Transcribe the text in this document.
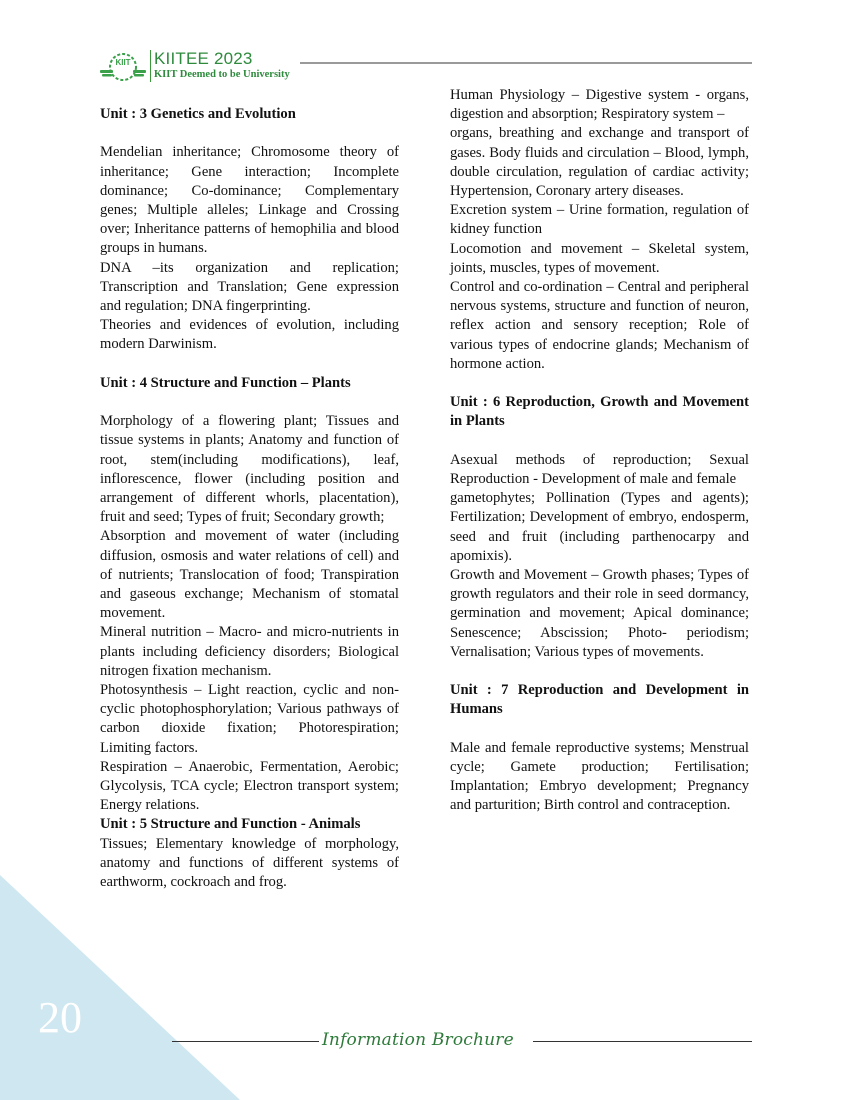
KIIT KIITEE 2023
KIIT Deemed to be University

Unit : 3 Genetics and Evolution

Mendelian inheritance; Chromosome theory of inheritance; Gene interaction; Incomplete dominance; Co-dominance; Complementary genes; Multiple alleles; Linkage and Crossing over; Inheritance patterns of hemophilia and blood groups in humans.

DNA –its organization and replication; Transcription and Translation; Gene expression and regulation; DNA fingerprinting.

Theories and evidences of evolution, including modern Darwinism.

Unit : 4 Structure and Function – Plants

Morphology of a flowering plant; Tissues and tissue systems in plants; Anatomy and function of root, stem(including modifications), leaf, inflorescence, flower (including position and arrangement of different whorls, placentation), fruit and seed; Types of fruit; Secondary growth;

Absorption and movement of water (including diffusion, osmosis and water relations of cell) and of nutrients; Translocation of food; Transpiration and gaseous exchange; Mechanism of stomatal movement.

Mineral nutrition – Macro- and micro-nutrients in plants including deficiency disorders; Biological nitrogen fixation mechanism.

Photosynthesis – Light reaction, cyclic and non-cyclic photophosphorylation; Various pathways of carbon dioxide fixation; Photorespiration; Limiting factors.

Respiration – Anaerobic, Fermentation, Aerobic; Glycolysis, TCA cycle; Electron transport system; Energy relations.

Unit : 5 Structure and Function - Animals

Tissues; Elementary knowledge of morphology, anatomy and functions of different systems of earthworm, cockroach and frog.

Human Physiology – Digestive system - organs, digestion and absorption; Respiratory system –

organs, breathing and exchange and transport of gases. Body fluids and circulation – Blood, lymph, double circulation, regulation of cardiac activity; Hypertension, Coronary artery diseases.

Excretion system – Urine formation, regulation of kidney function

Locomotion and movement – Skeletal system, joints, muscles, types of movement.

Control and co-ordination – Central and peripheral nervous systems, structure and function of neuron, reflex action and sensory reception; Role of various types of endocrine glands; Mechanism of hormone action.

Unit : 6 Reproduction, Growth and Movement in Plants

Asexual methods of reproduction; Sexual Reproduction - Development of male and female

gametophytes; Pollination (Types and agents); Fertilization; Development of embryo, endosperm, seed and fruit (including parthenocarpy and apomixis).

Growth and Movement – Growth phases; Types of growth regulators and their role in seed dormancy, germination and movement; Apical dominance; Senescence; Abscission; Photo- periodism; Vernalisation; Various types of movements.

Unit : 7 Reproduction and Development in Humans

Male and female reproductive systems; Menstrual cycle; Gamete production; Fertilisation; Implantation; Embryo development; Pregnancy and parturition; Birth control and contraception.

20	Information Brochure
